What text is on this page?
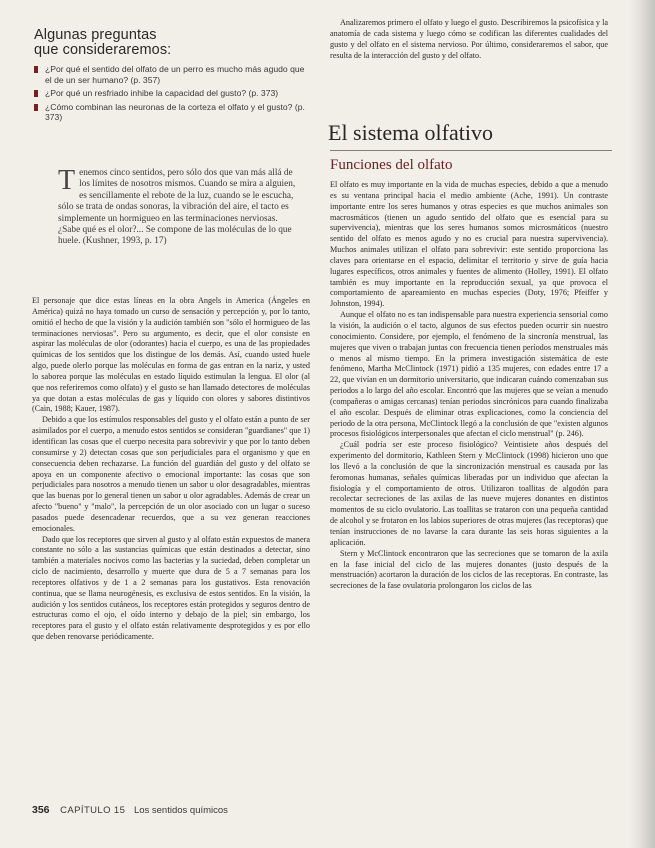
Algunas preguntas
que consideraremos:
¿Por qué el sentido del olfato de un perro es mucho más agudo que el de un ser humano? (p. 357)
¿Por qué un resfriado inhibe la capacidad del gusto? (p. 373)
¿Cómo combinan las neuronas de la corteza el olfato y el gusto? (p. 373)
Tenemos cinco sentidos, pero sólo dos que van más allá de los límites de nosotros mismos. Cuando se mira a alguien, es sencillamente el rebote de la luz, cuando se le escucha, sólo se trata de ondas sonoras, la vibración del aire, el tacto es simplemente un hormigueo en las terminaciones nerviosas. ¿Sabe qué es el olor?... Se compone de las moléculas de lo que huele. (Kushner, 1993, p. 17)

El personaje que dice estas líneas en la obra Angels in America (Ángeles en América) quizá no haya tomado un curso de sensación y percepción y, por lo tanto, omitió el hecho de que la visión y la audición también son "sólo el hormigueo de las terminaciones nerviosas". Pero su argumento, es decir, que el olor consiste en aspirar las moléculas de olor (odorantes) hacia el cuerpo, es una de las propiedades químicas de los sentidos que los distingue de los demás. Así, cuando usted huele algo, puede olerlo porque las moléculas en forma de gas entran en la nariz, y usted lo saborea porque las moléculas en estado líquido estimulan la lengua. El olor (al que nos referiremos como olfato) y el gusto se han llamado detectores de moléculas ya que dotan a estas moléculas de gas y líquido con olores y sabores distintivos (Cain, 1988; Kauer, 1987).

Debido a que los estímulos responsables del gusto y el olfato están a punto de ser asimilados por el cuerpo, a menudo estos sentidos se consideran "guardianes" que 1) identifican las cosas que el cuerpo necesita para sobrevivir y que por lo tanto deben consumirse y 2) detectan cosas que son perjudiciales para el organismo y que en consecuencia deben rechazarse. La función del guardián del gusto y del olfato se apoya en un componente afectivo o emocional importante: las cosas que son perjudiciales para nosotros a menudo tienen un sabor u olor desagradables, mientras que las buenas por lo general tienen un sabor u olor agradables. Además de crear un afecto "bueno" y "malo", la percepción de un olor asociado con un lugar o suceso pasados puede desencadenar recuerdos, que a su vez generan reacciones emocionales.

Dado que los receptores que sirven al gusto y al olfato están expuestos de manera constante no sólo a las sustancias químicas que están destinados a detectar, sino también a materiales nocivos como las bacterias y la suciedad, deben completar un ciclo de nacimiento, desarrollo y muerte que dura de 5 a 7 semanas para los receptores olfativos y de 1 a 2 semanas para los gustativos. Esta renovación continua, que se llama neurogénesis, es exclusiva de estos sentidos. En la visión, la audición y los sentidos cutáneos, los receptores están protegidos y seguros dentro de estructuras como el ojo, el oído interno y debajo de la piel; sin embargo, los receptores para el gusto y el olfato están relativamente desprotegidos y es por ello que deben renovarse periódicamente.

Analizaremos primero el olfato y luego el gusto. Describiremos la psicofísica y la anatomía de cada sistema y luego cómo se codifican las diferentes cualidades del gusto y del olfato en el sistema nervioso. Por último, consideraremos el sabor, que resulta de la interacción del gusto y del olfato.

El sistema olfativo
Funciones del olfato

El olfato es muy importante en la vida de muchas especies, debido a que a menudo es su ventana principal hacia el medio ambiente (Ache, 1991). Un contraste importante entre los seres humanos y otras especies es que muchos animales son macrosmáticos (tienen un agudo sentido del olfato que es esencial para su supervivencia), mientras que los seres humanos somos microsmáticos (nuestro sentido del olfato es menos agudo y no es crucial para nuestra supervivencia). Muchos animales utilizan el olfato para sobrevivir: este sentido proporciona las claves para orientarse en el espacio, delimitar el territorio y sirve de guía hacia lugares específicos, otros animales y fuentes de alimento (Holley, 1991). El olfato también es muy importante en la reproducción sexual, ya que provoca el comportamiento de apareamiento en muchas especies (Doty, 1976; Pfeiffer y Johnston, 1994).

Aunque el olfato no es tan indispensable para nuestra experiencia sensorial como la visión, la audición o el tacto, algunos de sus efectos pueden ocurrir sin nuestro conocimiento. Considere, por ejemplo, el fenómeno de la sincronía menstrual, las mujeres que viven o trabajan juntas con frecuencia tienen períodos menstruales más o menos al mismo tiempo. En la primera investigación sistemática de este fenómeno, Martha McClintock (1971) pidió a 135 mujeres, con edades entre 17 a 22, que vivían en un dormitorio universitario, que indicaran cuándo comenzaban sus periodos a lo largo del año escolar. Encontró que las mujeres que se veían a menudo (compañeras o amigas cercanas) tenían periodos sincrónicos para cuando finalizaba el año escolar. Después de eliminar otras explicaciones, como la conciencia del periodo de la otra persona, McClintock llegó a la conclusión de que "existen algunos procesos fisiológicos interpersonales que afectan el ciclo menstrual" (p. 246).

¿Cuál podría ser este proceso fisiológico? Veintisiete años después del experimento del dormitorio, Kathleen Stern y McClintock (1998) hicieron uno que los llevó a la conclusión de que la sincronización menstrual es causada por las feromonas humanas, señales químicas liberadas por un individuo que afectan la fisiología y el comportamiento de otros. Utilizaron toallitas de algodón para recolectar secreciones de las axilas de las nueve mujeres donantes en distintos momentos de su ciclo ovulatorio. Las toallitas se trataron con una pequeña cantidad de alcohol y se frotaron en los labios superiores de otras mujeres (las receptoras) que tenían instrucciones de no lavarse la cara durante las seis horas siguientes a la aplicación.

Stern y McClintock encontraron que las secreciones que se tomaron de la axila en la fase inicial del ciclo de las mujeres donantes (justo después de la menstruación) acortaron la duración de los ciclos de las receptoras. En contraste, las secreciones de la fase ovulatoria prolongaron los ciclos de las

356 CAPÍTULO 15 Los sentidos químicos
